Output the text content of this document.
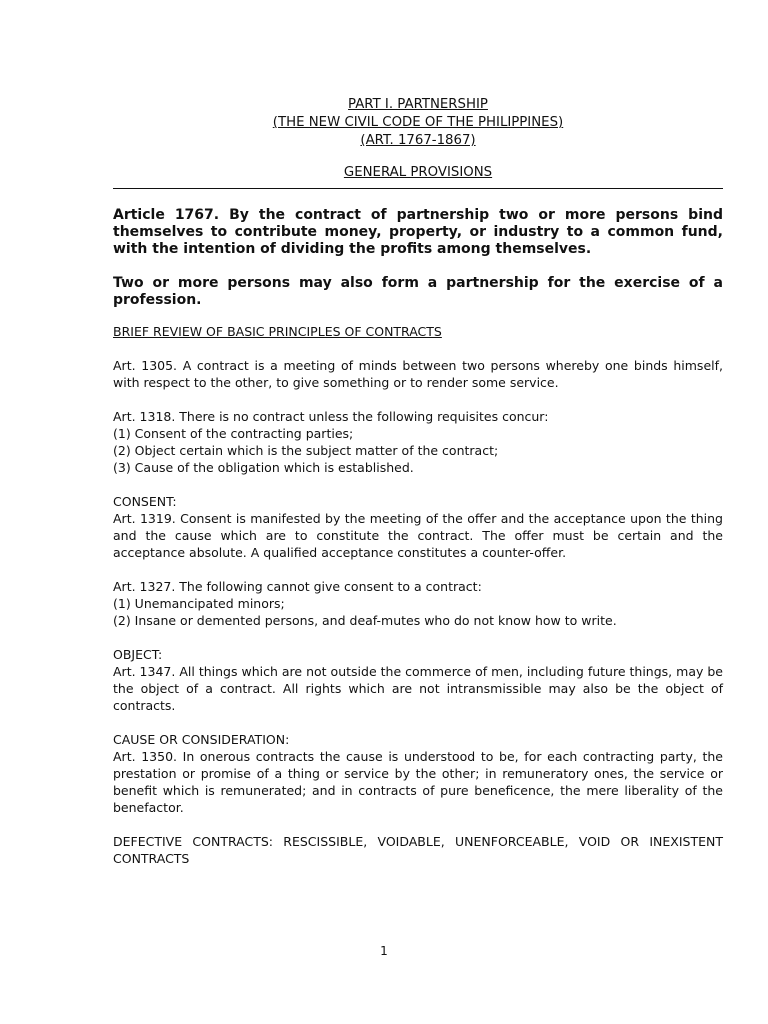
PART I. PARTNERSHIP
(THE NEW CIVIL CODE OF THE PHILIPPINES)
(ART. 1767-1867)
GENERAL PROVISIONS

Article 1767. By the contract of partnership two or more persons bind themselves to contribute money, property, or industry to a common fund, with the intention of dividing the profits among themselves.

Two or more persons may also form a partnership for the exercise of a profession.

BRIEF REVIEW OF BASIC PRINCIPLES OF CONTRACTS

Art. 1305. A contract is a meeting of minds between two persons whereby one binds himself, with respect to the other, to give something or to render some service.

Art. 1318. There is no contract unless the following requisites concur:

(1) Consent of the contracting parties;

(2) Object certain which is the subject matter of the contract;

(3) Cause of the obligation which is established.

CONSENT:

Art. 1319. Consent is manifested by the meeting of the offer and the acceptance upon the thing and the cause which are to constitute the contract. The offer must be certain and the acceptance absolute. A qualified acceptance constitutes a counter-offer.

Art. 1327. The following cannot give consent to a contract:

(1) Unemancipated minors;

(2) Insane or demented persons, and deaf-mutes who do not know how to write.

OBJECT:

Art. 1347. All things which are not outside the commerce of men, including future things, may be the object of a contract. All rights which are not intransmissible may also be the object of contracts.

CAUSE OR CONSIDERATION:

Art. 1350. In onerous contracts the cause is understood to be, for each contracting party, the prestation or promise of a thing or service by the other; in remuneratory ones, the service or benefit which is remunerated; and in contracts of pure beneficence, the mere liberality of the benefactor.

DEFECTIVE CONTRACTS: RESCISSIBLE, VOIDABLE, UNENFORCEABLE, VOID OR INEXISTENT CONTRACTS

1
